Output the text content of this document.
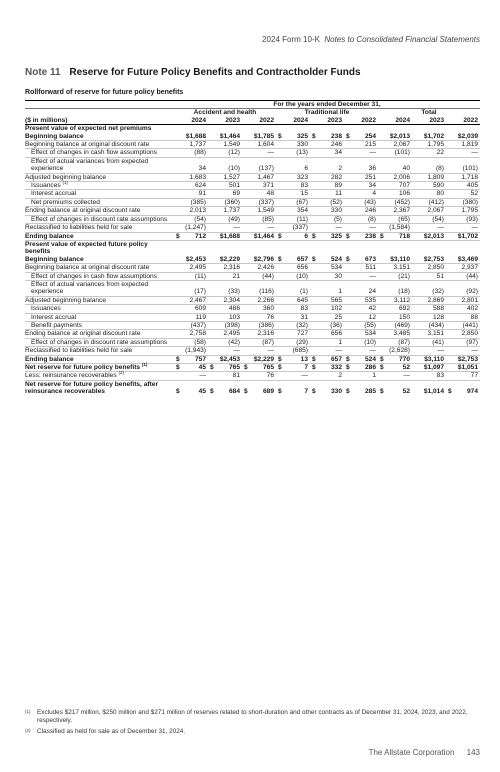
2024 Form 10-K Notes to Consolidated Financial Statements
Note 11 Reserve for Future Policy Benefits and Contractholder Funds
Rollforward of reserve for future policy benefits
	For the years ended December 31,								
	Accident and health			Traditional life			Total		
($ in millions)	2024	2023	2022	2024	2023	2022	2024	2023	2022
Present value of expected net premiums									
Beginning balance	$1,688	$1,464	$1,785	$ 325	$ 238	$ 254	$2,013	$1,702	$2,039
Beginning balance at original discount rate	1,737	1,549	1,604	330	246	215	2,067	1,795	1,819
Effect of changes in cash flow assumptions	(88)	(12)	—	(13)	34	—	(101)	22	—
Effect of actual variances from expected experience	34	(10)	(137)	6	2	36	40	(8)	(101)
Adjusted beginning balance	1,683	1,527	1,467	323	282	251	2,006	1,809	1,718
Issuances $^{(1)}$	624	501	371	83	89	34	707	590	405
Interest accrual	91	69	48	15	11	4	106	80	52
Net premiums collected	(385)	(360)	(337)	(67)	(52)	(43)	(452)	(412)	(380)
Ending balance at original discount rate	2,013	1,737	1,549	354	330	246	2,367	2,067	1,795
Effect of changes in discount rate assumptions	(54)	(49)	(85)	(11)	(5)	(8)	(65)	(54)	(93)
Reclassified to liabilities held for sale	(1,247)	—	—	(337)	—	—	(1,584)	—	—
Ending balance	$ 712	$1,688	$1,464	$ 6	$ 325	$ 238	$ 718	$2,013	$1,702
Present value of expected future policy benefits									
Beginning balance	$2,453	$2,229	$2,796	$ 657	$ 524	$ 673	$3,110	$2,753	$3,469
Beginning balance at original discount rate	2,495	2,316	2,426	656	534	511	3,151	2,850	2,937
Effect of changes in cash flow assumptions	(11)	21	(44)	(10)	30	—	(21)	51	(44)
Effect of actual variances from expected experience	(17)	(33)	(116)	(1)	1	24	(18)	(32)	(92)
Adjusted beginning balance	2,467	2,304	2,266	645	565	535	3,112	2,869	2,801
Issuances	609	486	360	83	102	42	692	588	402
Interest accrual	119	103	76	31	25	12	150	128	88
Benefit payments	(437)	(398)	(386)	(32)	(36)	(55)	(469)	(434)	(441)
Ending balance at original discount rate	2,758	2,495	2,316	727	656	534	3,485	3,151	2,850
Effect of changes in discount rate assumptions	(58)	(42)	(87)	(29)	1	(10)	(87)	(41)	(97)
Reclassified to liabilities held for sale	(1,943)	—	—	(685)	—	—	(2,628)	—	—
Ending balance	$ 757	$2,453	$2,229	$ 13	$ 657	$ 524	$ 770	$3,110	$2,753
Net reserve for future policy benefits $^{(1)}$	$ 45	$ 765	$ 765	$ 7	$ 332	$ 286	$ 52	$1,097	$1,051
Less: reinsurance recoverables $^{(2)}$	—	81	76	—	2	1	—	83	77
Net reserve for future policy benefits, after reinsurance recoverables	$ 45	$ 684	$ 689	$ 7	$ 330	$ 285	$ 52	$1,014	$ 974
(1) Excludes $217 million, $250 million and $271 million of reserves related to short-duration and other contracts as of December 31, 2024, 2023, and 2022, respectively.
(2) Classified as held for sale as of December 31, 2024.
The Allstate Corporation 143
